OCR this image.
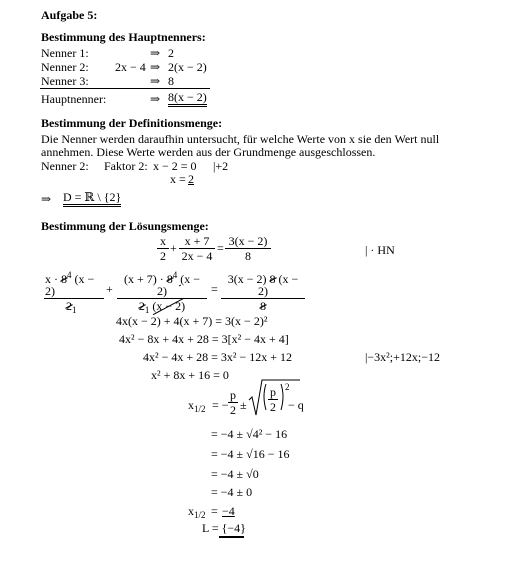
Aufgabe 5:
Bestimmung des Hauptnenners:
Nenner 1:	⇒ 2
Nenner 2: 2x − 4 ⇒ 2(x − 2)
Nenner 3:	⇒ 8
Hauptnenner:	⇒ 8(x − 2)
Bestimmung der Definitionsmenge:
Die Nenner werden daraufhin untersucht, für welche Werte von x sie den Wert null
annehmen. Diese Werte werden aus der Grundmenge ausgeschlossen.
Nenner 2: Faktor 2: x − 2 = 0 |+2
x = 2
⇒ D = ℝ \ {2}
Bestimmung der Lösungsmenge:
$\frac{x}{2} + \frac{x + 7}{2x - 4} = \frac{3(x - 2)}{8}$	| · HN
$x \cdot 8^4$ (x − 2)
$2_1$
+
$(x + 7) \cdot 8^4$ (x − 2)
$2_1$ (x − 2)
=
3(x − 2) 8 (x − 2)
8
4x(x − 2) + 4(x + 7) = 3(x − 2)²
4x² − 8x + 4x + 28 = 3[x² − 4x + 4]
4x² − 4x + 28 = 3x² − 12x + 12	|−3x²;+12x;−12
x² + 8x + 16 = 0
$x_{1/2}$ = − $\frac{p}{2} \pm \frac{p}{2} 2$
− q
= −4 ± √4² − 16
= −4 ± √16 − 16
= −4 ± √0
= −4 ± 0
$x_{1/2} = -4$
L = {−4}
